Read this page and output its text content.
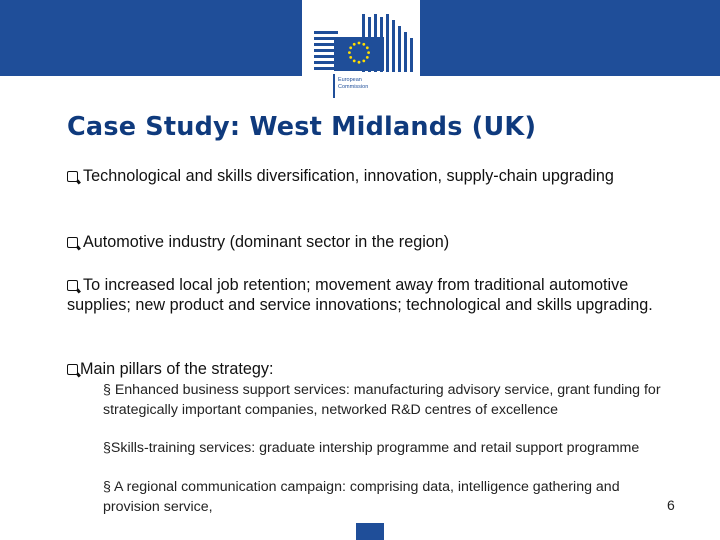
European
Commission
Case Study: West Midlands (UK)
Technological and skills diversification, innovation, supply-chain upgrading
Automotive industry (dominant sector in the region)
To increased local job retention; movement away from traditional automotive supplies; new product and service innovations; technological and skills upgrading.
Main pillars of the strategy:
§ Enhanced business support services: manufacturing advisory service, grant funding for strategically important companies, networked R&D centres of excellence
§Skills-training services: graduate intership programme and retail support programme
§ A regional communication campaign: comprising data, intelligence gathering and provision service,	6
